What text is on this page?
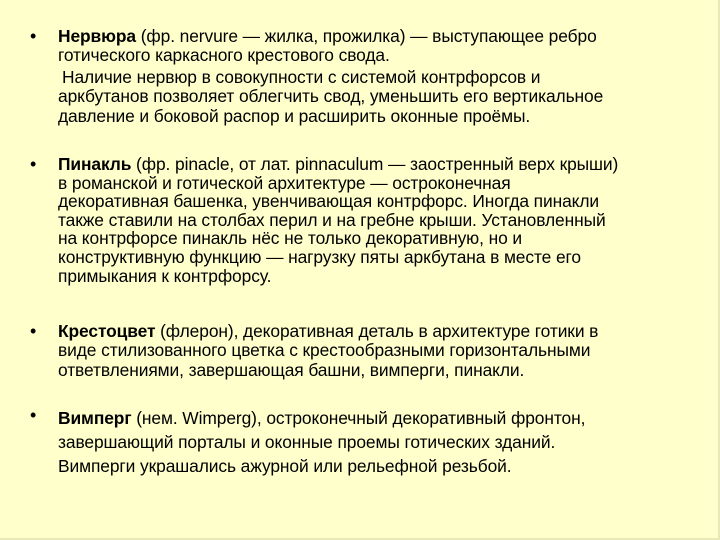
• Нервюра (фр. nervure — жилка, прожилка) — выступающее ребро
готического каркасного крестового свода.
Наличие нервюр в совокупности с системой контрфорсов и
аркбутанов позволяет облегчить свод, уменьшить его вертикальное
давление и боковой распор и расширить оконные проёмы.
• Пинакль (фр. pinacle, от лат. pinnaculum — заостренный верх крыши)
в романской и готической архитектуре — остроконечная
декоративная башенка, увенчивающая контрфорс. Иногда пинакли
также ставили на столбах перил и на гребне крыши. Установленный
на контрфорсе пинакль нёс не только декоративную, но и
конструктивную функцию — нагрузку пяты аркбутана в месте его
примыкания к контрфорсу.
• Крестоцвет (флерон), декоративная деталь в архитектуре готики в
виде стилизованного цветка с крестообразными горизонтальными
ответвлениями, завершающая башни, вимперги, пинакли.
• Вимперг (нем. Wimperg), остроконечный декоративный фронтон,
завершающий порталы и оконные проемы готических зданий.
Вимперги украшались ажурной или рельефной резьбой.
